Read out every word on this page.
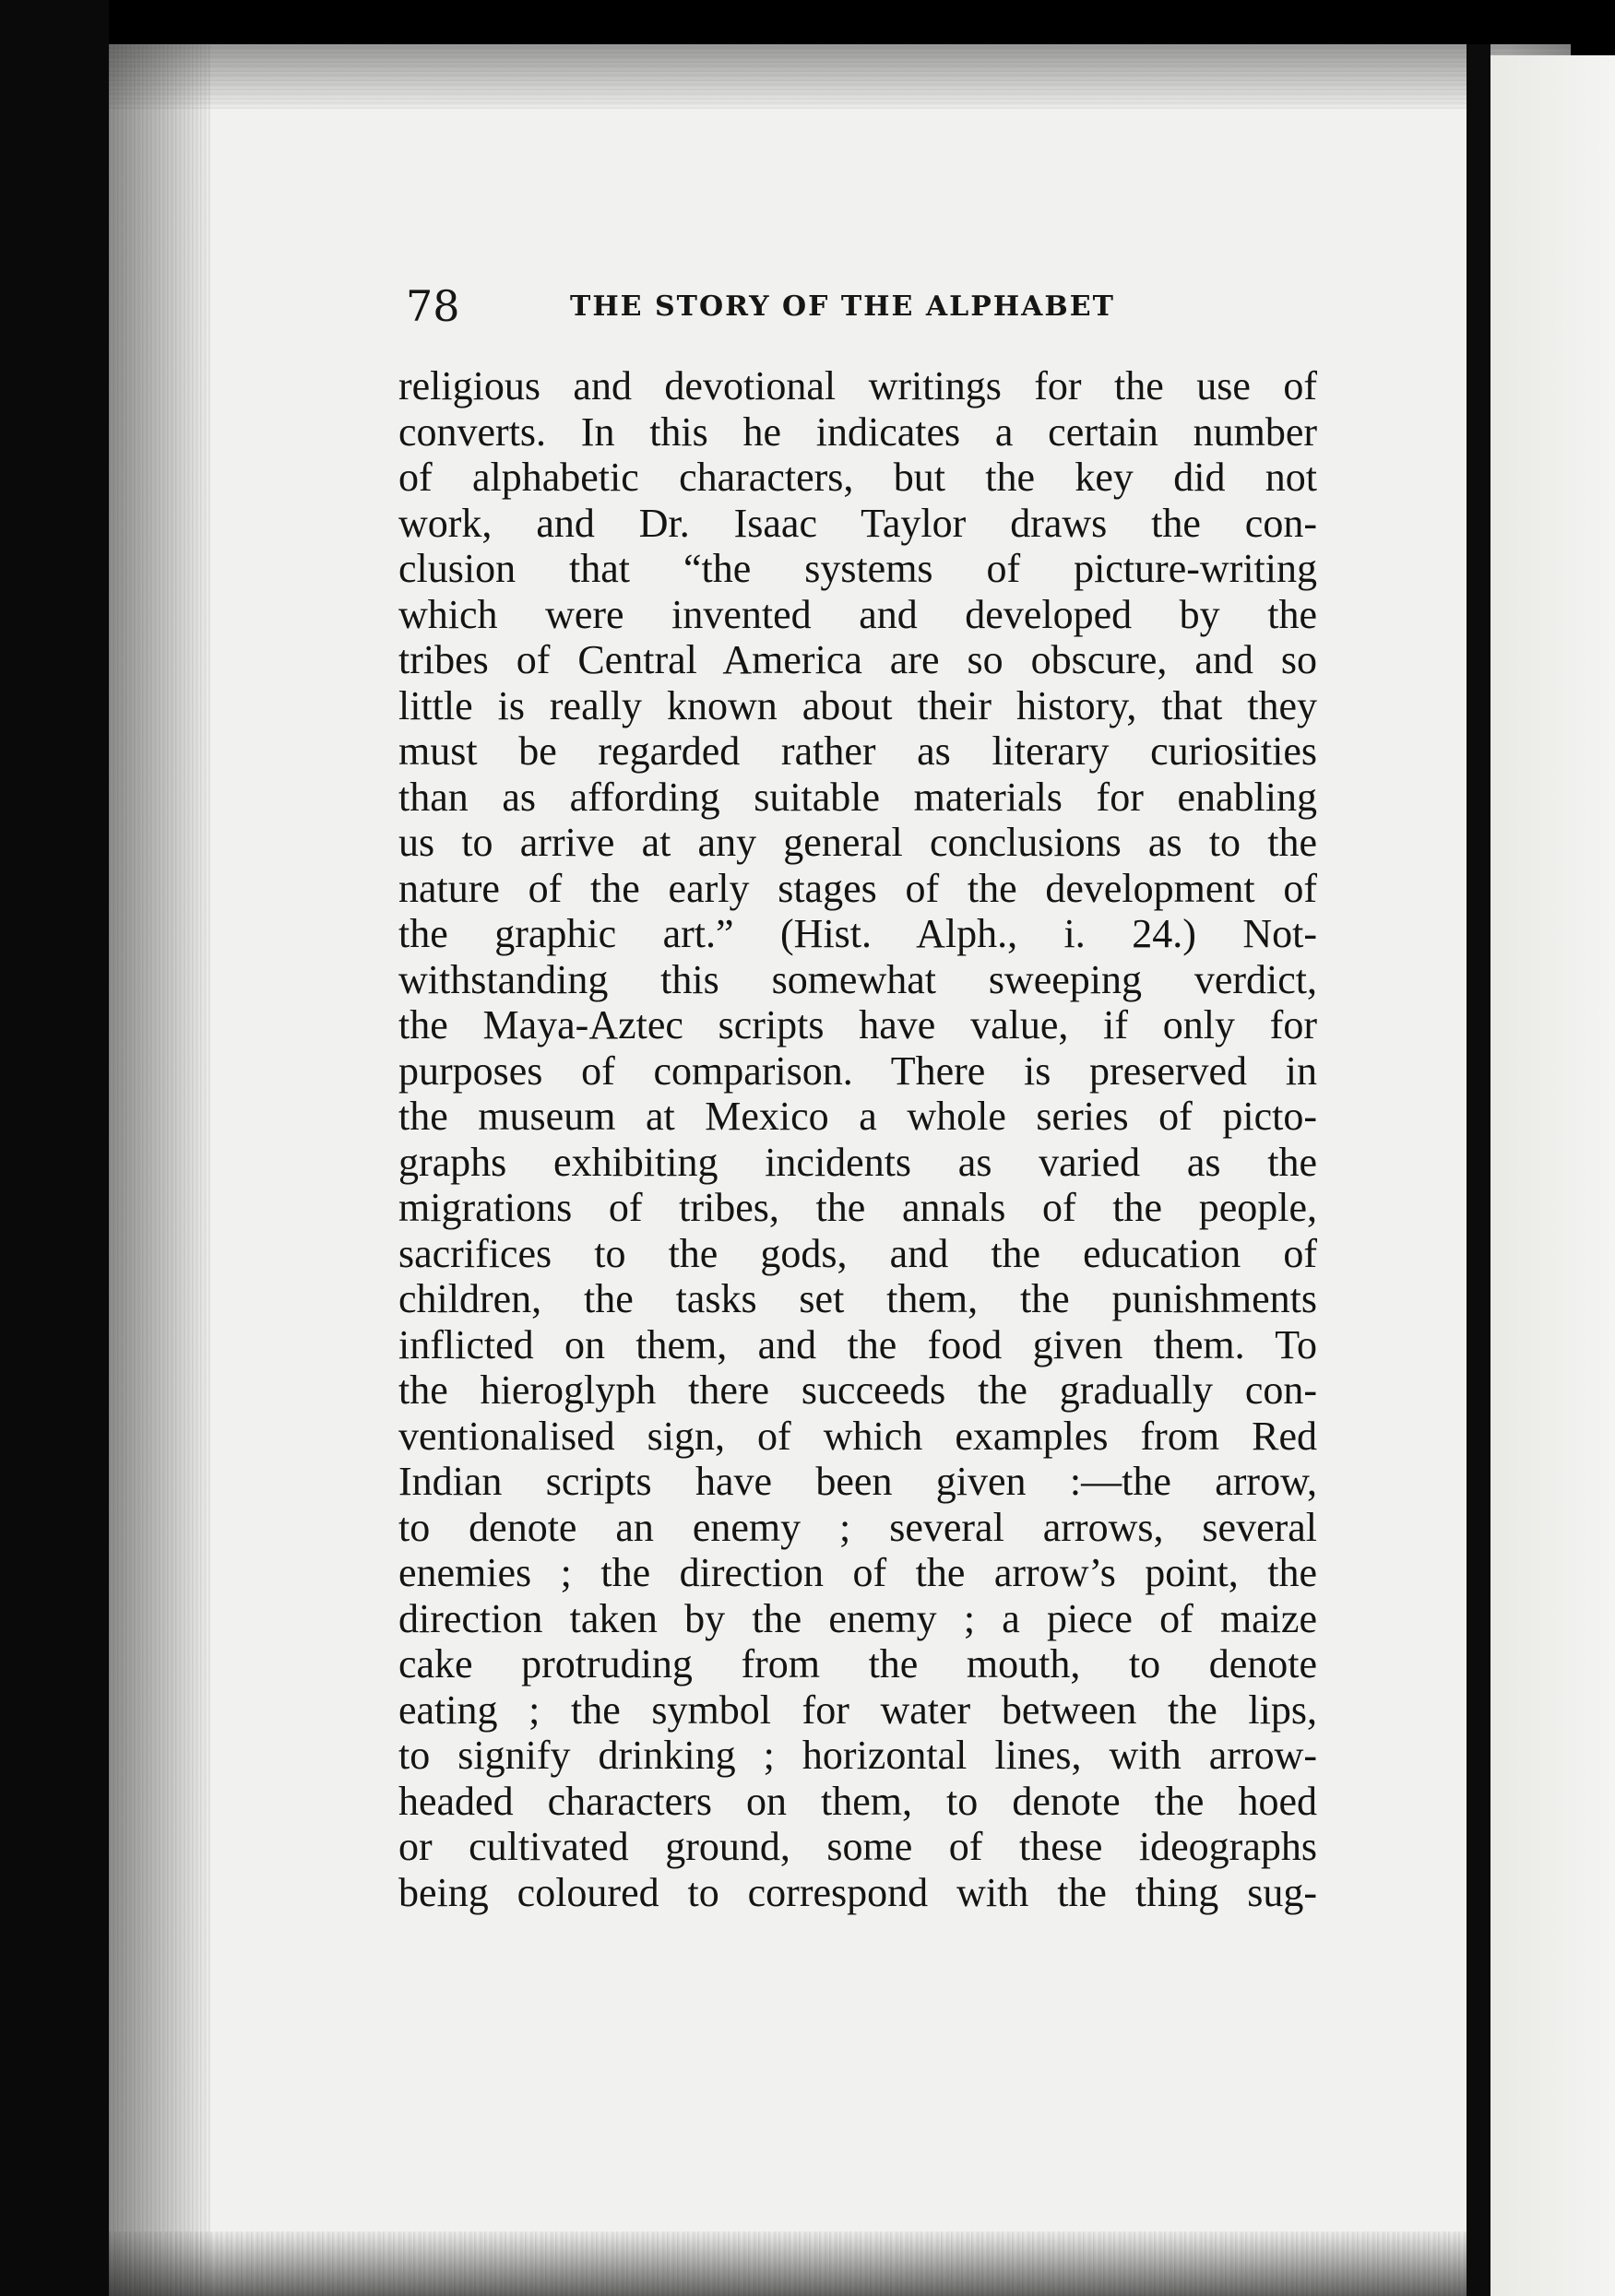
78	THE STORY OF THE ALPHABET
religious and devotional writings for the use of
converts. In this he indicates a certain number
of alphabetic characters, but the key did not
work, and Dr. Isaac Taylor draws the con-
clusion that “the systems of picture-writing
which were invented and developed by the
tribes of Central America are so obscure, and so
little is really known about their history, that they
must be regarded rather as literary curiosities
than as affording suitable materials for enabling
us to arrive at any general conclusions as to the
nature of the early stages of the development of
the graphic art.” (Hist. Alph., i. 24.) Not-
withstanding this somewhat sweeping verdict,
the Maya-Aztec scripts have value, if only for
purposes of comparison. There is preserved in
the museum at Mexico a whole series of picto-
graphs exhibiting incidents as varied as the
migrations of tribes, the annals of the people,
sacrifices to the gods, and the education of
children, the tasks set them, the punishments
inflicted on them, and the food given them. To
the hieroglyph there succeeds the gradually con-
ventionalised sign, of which examples from Red
Indian scripts have been given :—the arrow,
to denote an enemy ; several arrows, several
enemies ; the direction of the arrow’s point, the
direction taken by the enemy ; a piece of maize
cake protruding from the mouth, to denote
eating ; the symbol for water between the lips,
to signify drinking ; horizontal lines, with arrow-
headed characters on them, to denote the hoed
or cultivated ground, some of these ideographs
being coloured to correspond with the thing sug-
